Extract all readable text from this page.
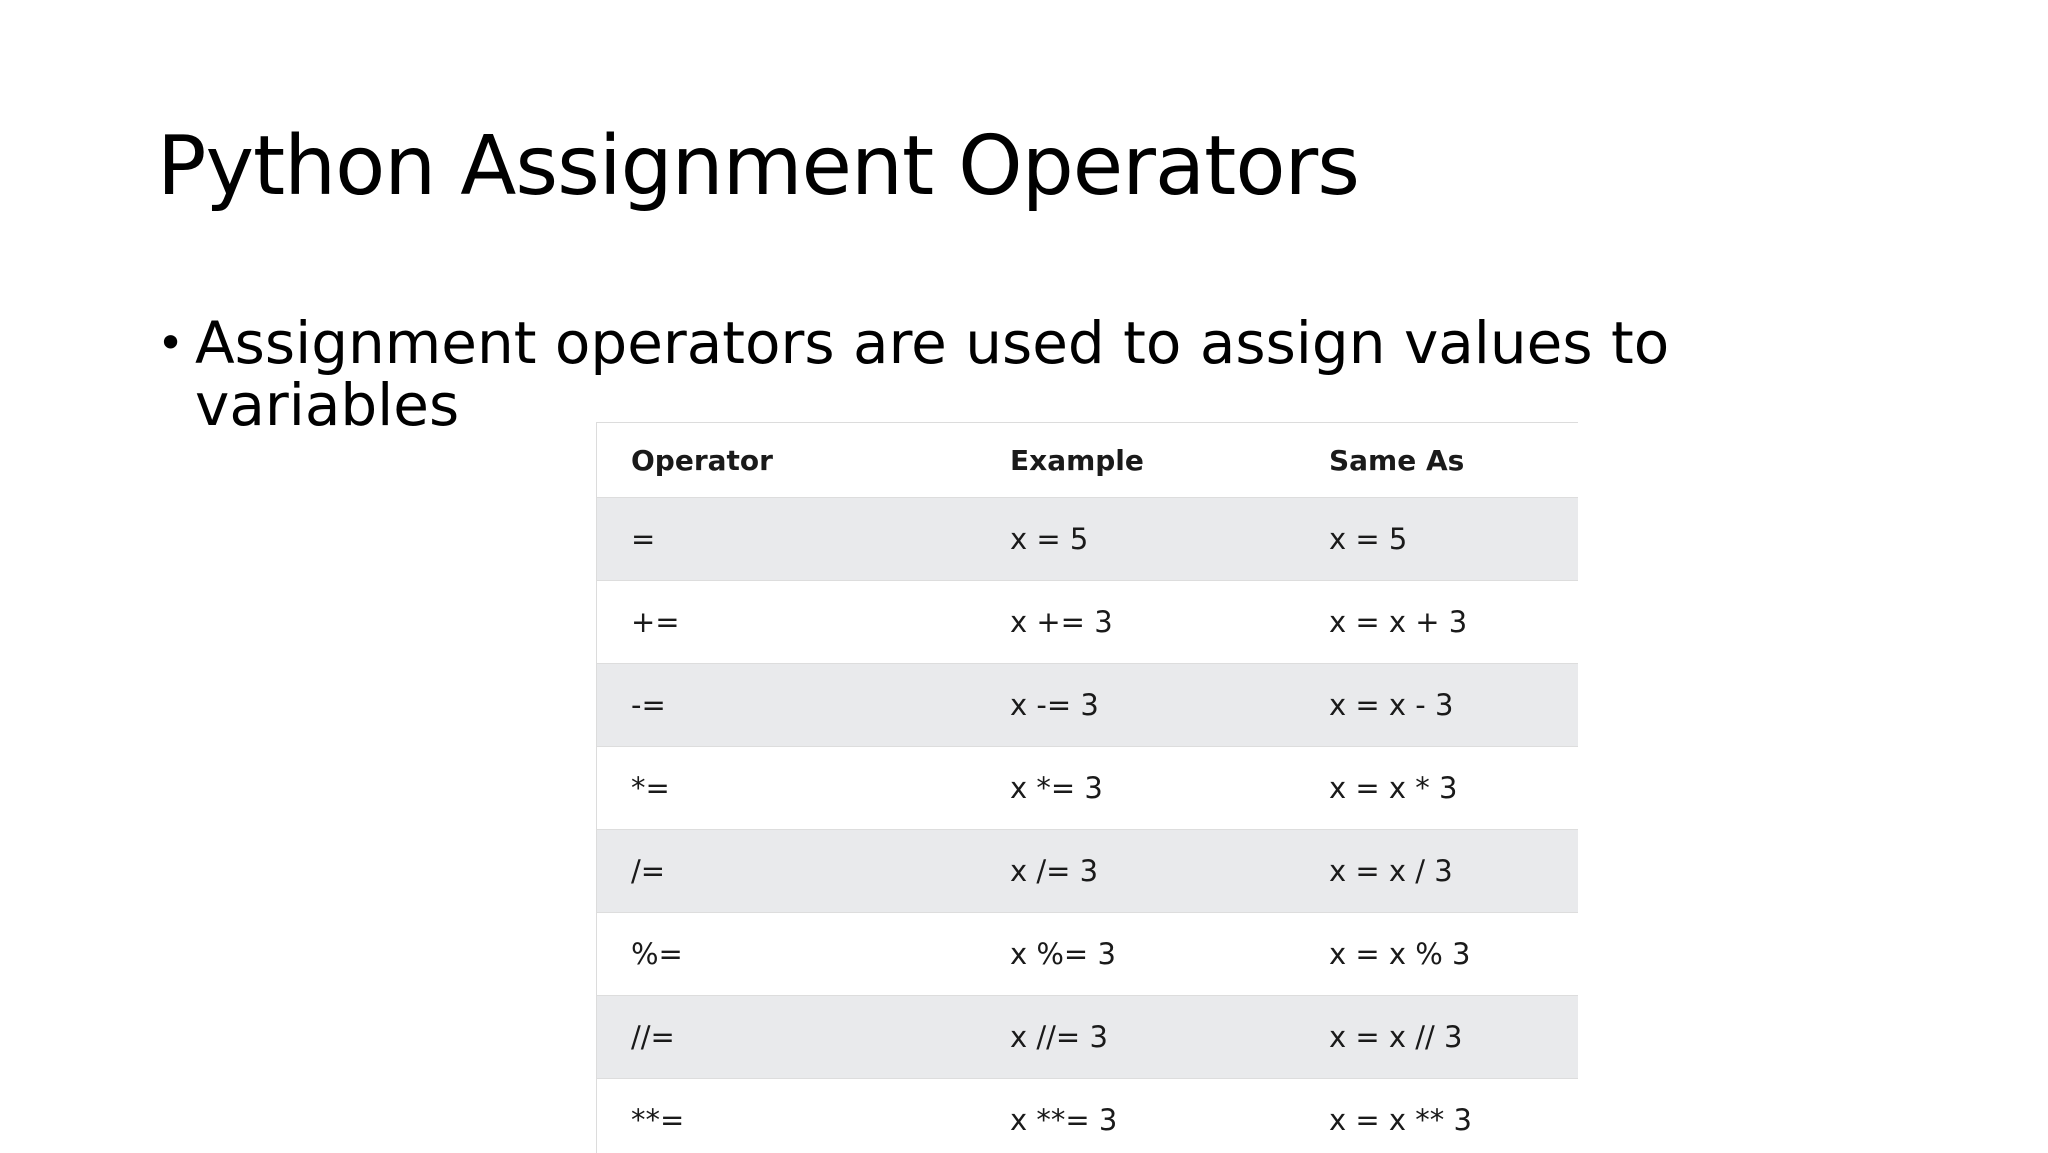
Python Assignment Operators
• Assignment operators are used to assign values to variables
Operator	Example	Same As
=	x = 5	x = 5
+=	x += 3	x = x + 3
-=	x -= 3	x = x - 3
*=	x *= 3	x = x * 3
/=	x /= 3	x = x / 3
%=	x %= 3	x = x % 3
//=	x //= 3	x = x // 3
**=	x **= 3	x = x ** 3
